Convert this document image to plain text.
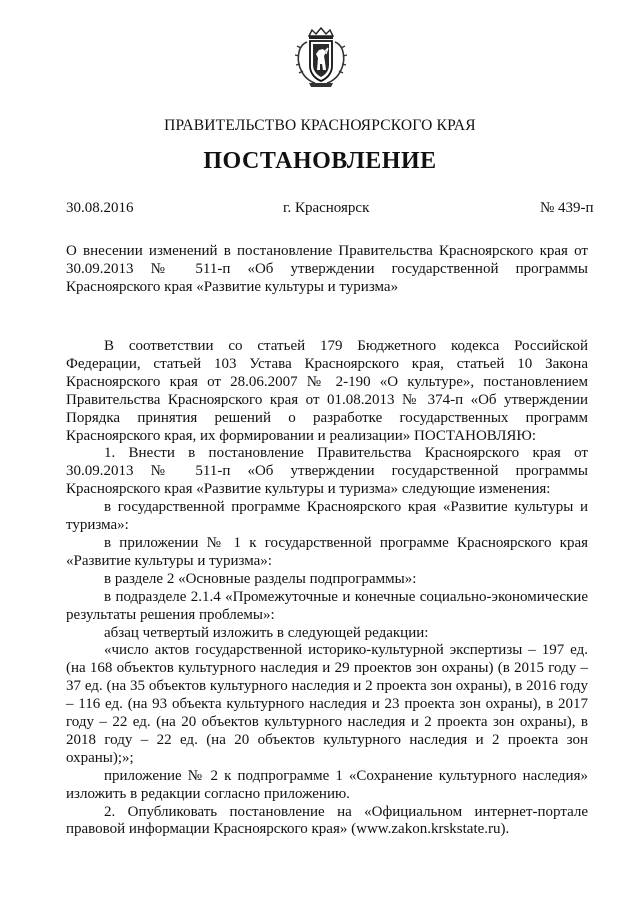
ПРАВИТЕЛЬСТВО КРАСНОЯРСКОГО КРАЯ
ПОСТАНОВЛЕНИЕ
30.08.2016	г. Красноярск	№ 439-п

О внесении изменений в постановление Правительства Красноярского края от 30.09.2013 № 511-п «Об утверждении государственной программы Красноярского края «Развитие культуры и туризма»

В соответствии со статьей 179 Бюджетного кодекса Российской Федерации, статьей 103 Устава Красноярского края, статьей 10 Закона Красноярского края от 28.06.2007 № 2-190 «О культуре», постановлением Правительства Красноярского края от 01.08.2013 № 374-п «Об утверждении Порядка принятия решений о разработке государственных программ Красноярского края, их формировании и реализации» ПОСТАНОВЛЯЮ:

1. Внести в постановление Правительства Красноярского края от 30.09.2013 № 511-п «Об утверждении государственной программы Красноярского края «Развитие культуры и туризма» следующие изменения:

в государственной программе Красноярского края «Развитие культуры и туризма»:

в приложении № 1 к государственной программе Красноярского края «Развитие культуры и туризма»:

в разделе 2 «Основные разделы подпрограммы»:

в подразделе 2.1.4 «Промежуточные и конечные социально-экономические результаты решения проблемы»:

абзац четвертый изложить в следующей редакции:

«число актов государственной историко-культурной экспертизы – 197 ед. (на 168 объектов культурного наследия и 29 проектов зон охраны) (в 2015 году – 37 ед. (на 35 объектов культурного наследия и 2 проекта зон охраны), в 2016 году – 116 ед. (на 93 объекта культурного наследия и 23 проекта зон охраны), в 2017 году – 22 ед. (на 20 объектов культурного наследия и 2 проекта зон охраны), в 2018 году – 22 ед. (на 20 объектов культурного наследия и 2 проекта зон охраны);»;

приложение № 2 к подпрограмме 1 «Сохранение культурного наследия» изложить в редакции согласно приложению.

2. Опубликовать постановление на «Официальном интернет-портале правовой информации Красноярского края» (www.zakon.krskstate.ru).
